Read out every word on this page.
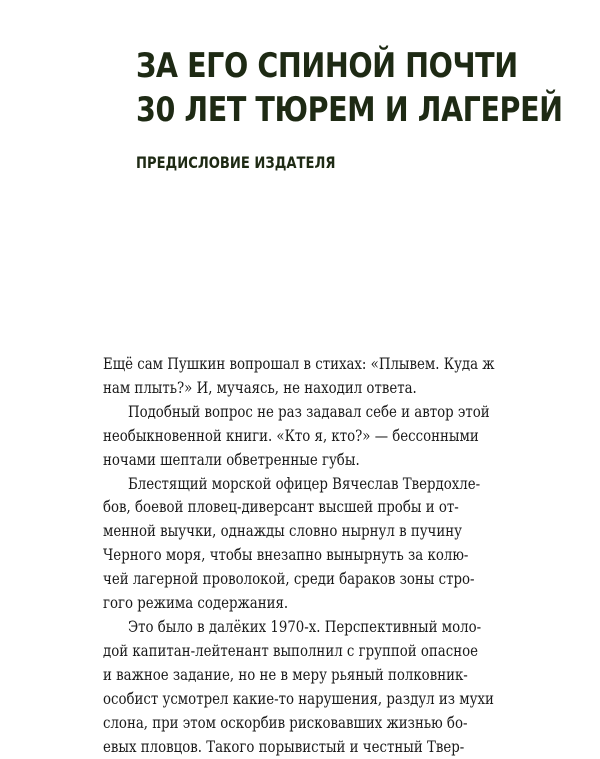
ЗА ЕГО СПИНОЙ ПОЧТИ
30 ЛЕТ ТЮРЕМ И ЛАГЕРЕЙ
ПРЕДИСЛОВИЕ ИЗДАТЕЛЯ
Ещё сам Пушкин вопрошал в стихах: «Плывем. Куда ж
нам плыть?» И, мучаясь, не находил ответа.
Подобный вопрос не раз задавал себе и автор этой
необыкновенной книги. «Кто я, кто?» — бессонными
ночами шептали обветренные губы.
Блестящий морской офицер Вячеслав Твердохле-
бов, боевой пловец-диверсант высшей пробы и от-
менной выучки, однажды словно нырнул в пучину
Черного моря, чтобы внезапно вынырнуть за колю-
чей лагерной проволокой, среди бараков зоны стро-
гого режима содержания.
Это было в далёких 1970-х. Перспективный моло-
дой капитан-лейтенант выполнил с группой опасное
и важное задание, но не в меру рьяный полковник-
особист усмотрел какие-то нарушения, раздул из мухи
слона, при этом оскорбив рисковавших жизнью бо-
евых пловцов. Такого порывистый и честный Твер-
